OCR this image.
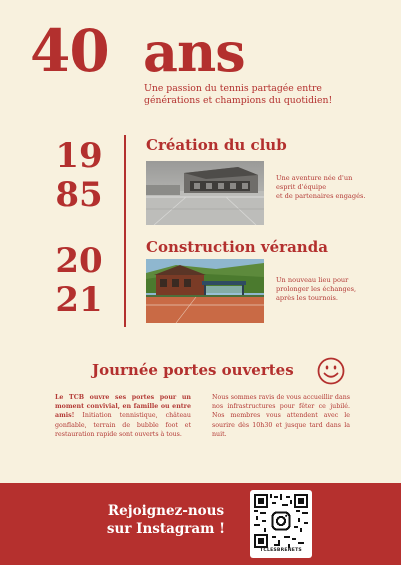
40 ans
Une passion du tennis partagée entre
générations et champions du quotidien!
19
85
Création du club
Une aventure née d'un
esprit d'équipe
et de partenaires engagés.
20
21
Construction véranda
Un nouveau lieu pour
prolonger les échanges,
après les tournois.
Journée portes ouvertes
Le TCB ouvre ses portes pour un moment convivial, en famille ou entre amis! Initiation tennistique, château gonflable, terrain de bubble foot et restauration rapide sont ouverts à tous.
Nous sommes ravis de vous accueillir dans nos infrastructures pour fêter ce jubilé. Nos membres vous attendent avec le sourire dès 10h30 et jusque tard dans la nuit.
Rejoignez-nous
sur Instagram !
TCLESBRENETS
